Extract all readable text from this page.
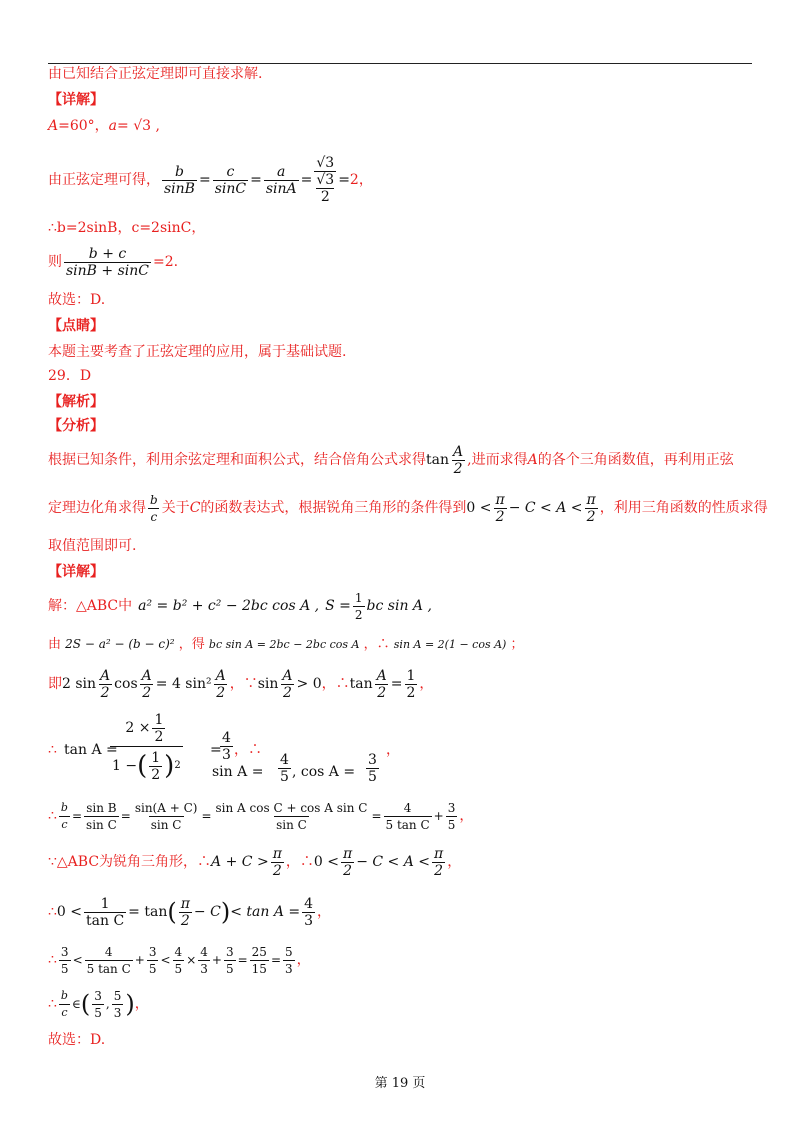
由已知结合正弦定理即可直接求解.
【详解】
A=60°，a= √3 ,
由正弦定理可得， $\frac{b}{\sin B} = \frac{c}{\sin C} = \frac{a}{\sin A} = √3$
√3
2 = 2，
∴b=2sinB，c=2sinC，
则 $\frac{b + c}{\sin B + \sin C} =2$.
故选：D.
【点睛】
本题主要考查了正弦定理的应用，属于基础试题.
29．D
【解析】
【分析】
根据已知条件，利用余弦定理和面积公式，结合倍角公式求得 $\tan \frac{A}{2}$ ,进而求得 A 的各个三角函数值，再利用正弦
定理边化角求得 $\frac{b}{c}$ 关于 C 的函数表达式，根据锐角三角形的条件得到 $0 < \frac{\pi}{2} - C < A < \frac{\pi}{2}$ ，利用三角函数的性质求得
取值范围即可.
【详解】
解：△ABC中 a² = b² + c² − 2bc cos A , $S = \frac{1}{2}$ bc sin A ,
由 2S − a² − (b − c)² ，得 bc sin A = 2bc − 2bc cos A ，∴ sin A = 2(1 − cos A) ；
即 2 $\sin \frac{A}{2}$ $\cos \frac{A}{2} = 4$ $\sin^2 \frac{A}{2}$ ，∵ $\sin \frac{A}{2} > 0$ ，∴ $\tan \frac{A}{2} = \frac{1}{2}$ ，
∴ tan A =
$2 \times \frac{1}{2}$
1 − ( $\frac{1}{2}$ ) 2
=
$\frac{4}{3}$ ，∴
$\sin A = \frac{4}{5}$ , $\cos A = \frac{3}{5}$
，
∴ $\frac{b}{c} = \frac{\text{sin B}}{\text{sin C}} = \frac{\sin(A + C)}{\text{sin C}} = \frac{\text{sin A cos C + cos A sin C}}{\text{sin C}} = \frac{4}{\text{5 tan C}} + \frac{3}{5}$ ，
∵△ABC为锐角三角形，∴ $A + C > \frac{\pi}{2}$ ，∴ $0 < \frac{\pi}{2} - C < A < \frac{\pi}{2}$ ，
∴ $0 < \frac{1}{\text{tan C}} = \tan$ ( $\frac{\pi}{2} - C$ ) < $\tan A = \frac{4}{3}$ ，
∴ $\frac{3}{5} < \frac{4}{\text{5 tan C}} + \frac{3}{5} < \frac{4}{5} \times \frac{4}{3} + \frac{3}{5} = \frac{25}{15} = \frac{5}{3}$ ，
∴ $\frac{b}{c}$ ∈ ( $\frac{3}{5}$ , $\frac{5}{3}$ ) ，
故选：D.
第 19 页
